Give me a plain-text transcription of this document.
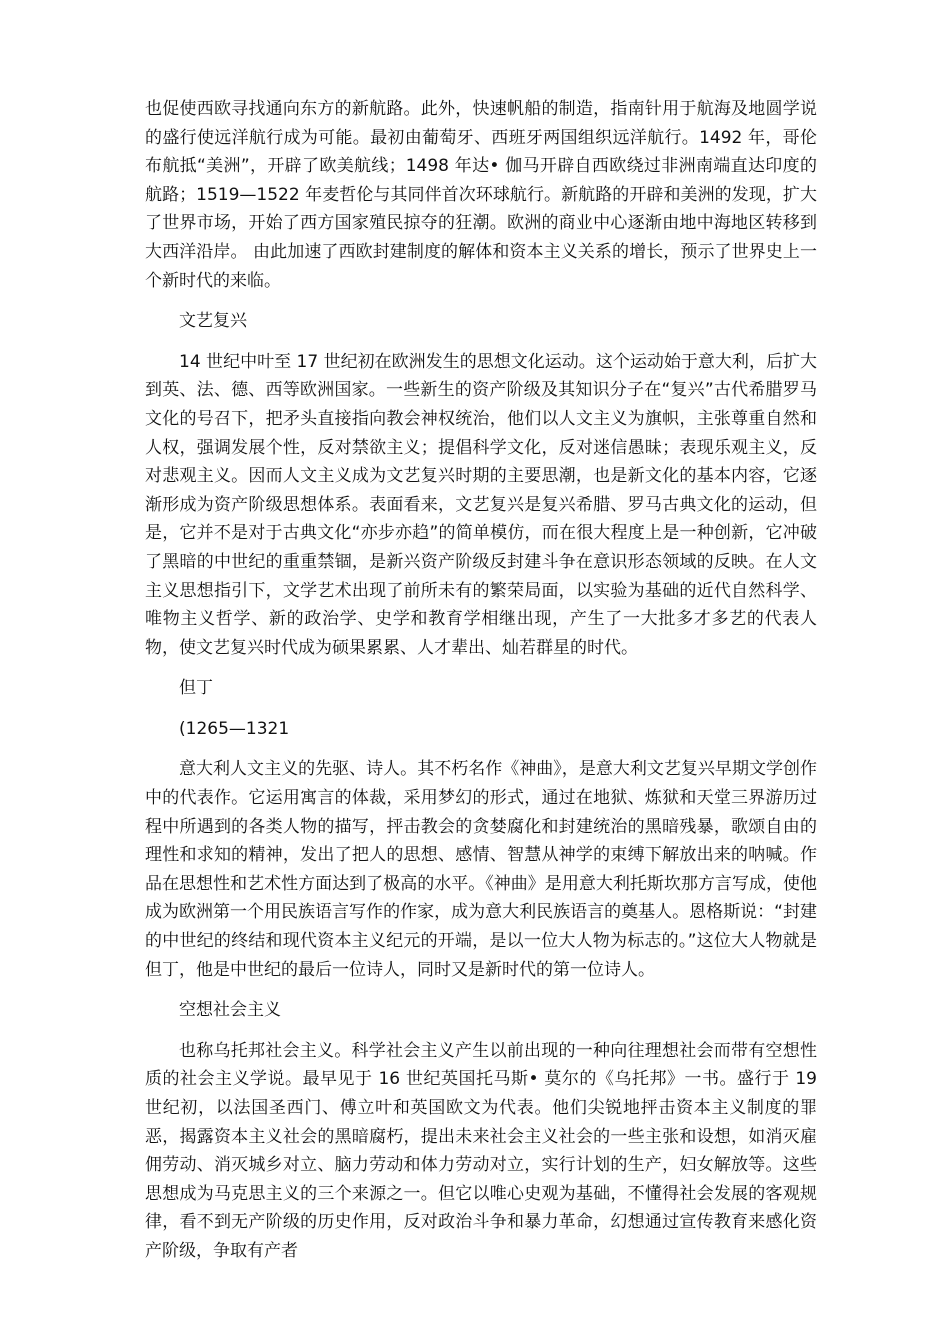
也促使西欧寻找通向东方的新航路。此外，快速帆船的制造，指南针用于航海及地圆学说的盛行使远洋航行成为可能。最初由葡萄牙、西班牙两国组织远洋航行。1492 年，哥伦布航抵“美洲”，开辟了欧美航线；1498 年达• 伽马开辟自西欧绕过非洲南端直达印度的航路；1519—1522 年麦哲伦与其同伴首次环球航行。新航路的开辟和美洲的发现，扩大了世界市场，开始了西方国家殖民掠夺的狂潮。欧洲的商业中心逐渐由地中海地区转移到大西洋沿岸。 由此加速了西欧封建制度的解体和资本主义关系的增长，预示了世界史上一个新时代的来临。

文艺复兴

14 世纪中叶至 17 世纪初在欧洲发生的思想文化运动。这个运动始于意大利，后扩大到英、法、德、西等欧洲国家。一些新生的资产阶级及其知识分子在“复兴”古代希腊罗马文化的号召下，把矛头直接指向教会神权统治，他们以人文主义为旗帜，主张尊重自然和人权，强调发展个性，反对禁欲主义；提倡科学文化，反对迷信愚昧；表现乐观主义，反对悲观主义。因而人文主义成为文艺复兴时期的主要思潮，也是新文化的基本内容，它逐渐形成为资产阶级思想体系。表面看来，文艺复兴是复兴希腊、罗马古典文化的运动，但是，它并不是对于古典文化“亦步亦趋”的简单模仿，而在很大程度上是一种创新，它冲破了黑暗的中世纪的重重禁锢，是新兴资产阶级反封建斗争在意识形态领域的反映。在人文主义思想指引下，文学艺术出现了前所未有的繁荣局面，以实验为基础的近代自然科学、唯物主义哲学、新的政治学、史学和教育学相继出现，产生了一大批多才多艺的代表人物，使文艺复兴时代成为硕果累累、人才辈出、灿若群星的时代。

但丁

(1265—1321

意大利人文主义的先驱、诗人。其不朽名作《神曲》，是意大利文艺复兴早期文学创作中的代表作。它运用寓言的体裁，采用梦幻的形式，通过在地狱、炼狱和天堂三界游历过程中所遇到的各类人物的描写，抨击教会的贪婪腐化和封建统治的黑暗残暴，歌颂自由的理性和求知的精神，发出了把人的思想、感情、智慧从神学的束缚下解放出来的呐喊。作品在思想性和艺术性方面达到了极高的水平。《神曲》是用意大利托斯坎那方言写成，使他成为欧洲第一个用民族语言写作的作家，成为意大利民族语言的奠基人。恩格斯说：“封建的中世纪的终结和现代资本主义纪元的开端，是以一位大人物为标志的。”这位大人物就是但丁，他是中世纪的最后一位诗人，同时又是新时代的第一位诗人。

空想社会主义

也称乌托邦社会主义。科学社会主义产生以前出现的一种向往理想社会而带有空想性质的社会主义学说。最早见于 16 世纪英国托马斯• 莫尔的《乌托邦》一书。盛行于 19 世纪初，以法国圣西门、傅立叶和英国欧文为代表。他们尖锐地抨击资本主义制度的罪恶，揭露资本主义社会的黑暗腐朽，提出未来社会主义社会的一些主张和设想，如消灭雇佣劳动、消灭城乡对立、脑力劳动和体力劳动对立，实行计划的生产，妇女解放等。这些思想成为马克思主义的三个来源之一。但它以唯心史观为基础，不懂得社会发展的客观规律，看不到无产阶级的历史作用，反对政治斗争和暴力革命，幻想通过宣传教育来感化资产阶级，争取有产者
